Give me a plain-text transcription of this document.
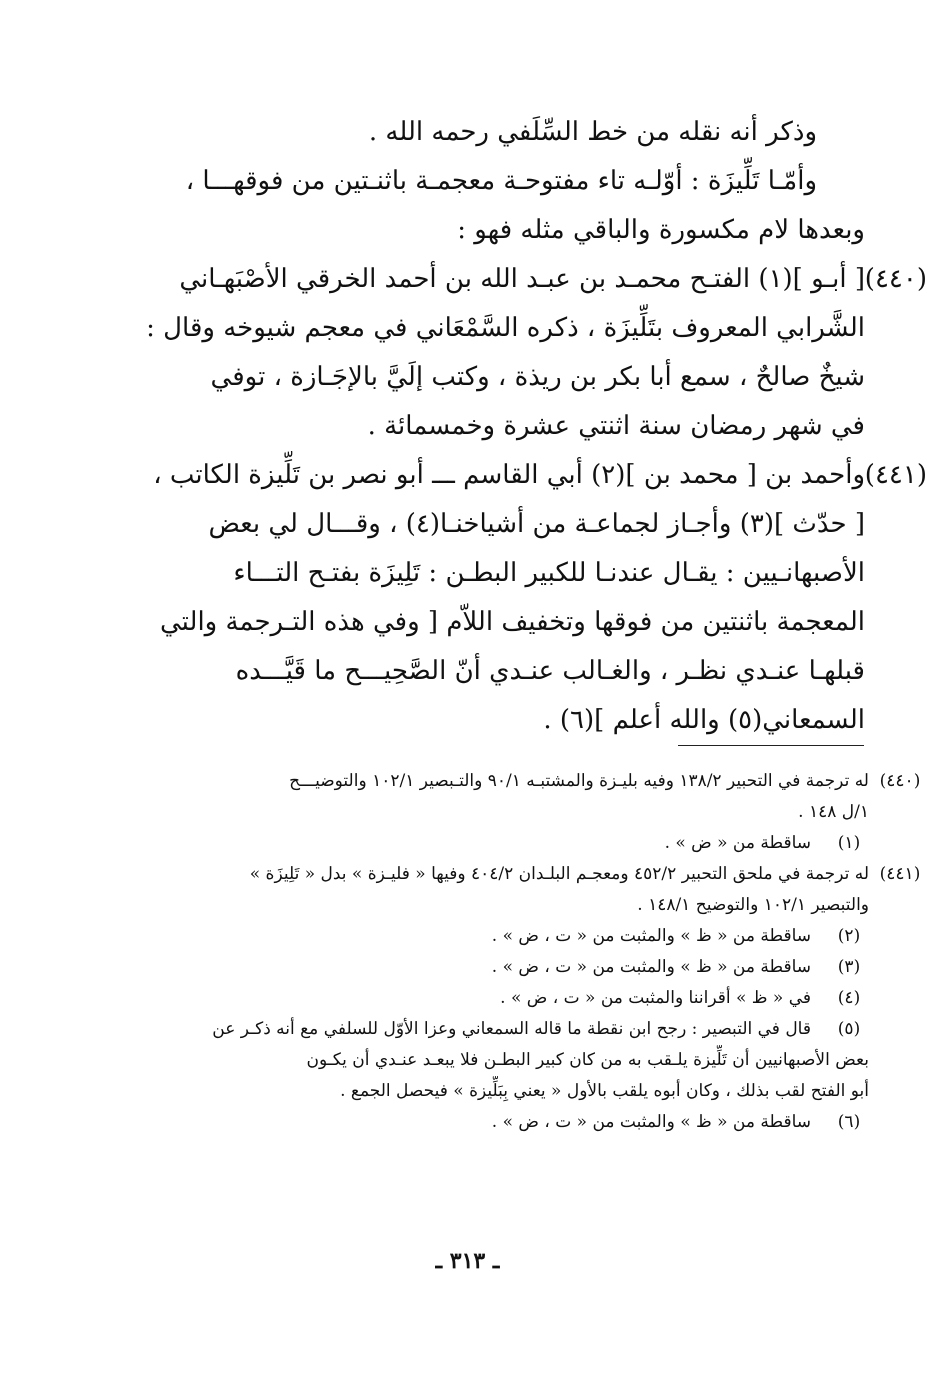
وذكر أنه نقله من خط السِّلَفي رحمه الله .
وأمّـا تَلِّيزَة : أوّلـه تاء مفتوحـة معجمـة باثنـتين من فوقهـــا ،
وبعدها لام مكسورة والباقي مثله فهو :
(٤٤٠)
[ أبـو ](١) الفتـح محمـد بن عبـد الله بن أحمد الخرقي الأصْبَهـاني
الشَّرابي المعروف بتَلِّيزَة ، ذكره السَّمْعَاني في معجم شيوخه وقال :
شيخٌ صالحٌ ، سمع أبا بكر بن ريذة ، وكتب إلَيَّ بالإجَـازة ، توفي
في شهر رمضان سنة اثنتي عشرة وخمسمائة .
(٤٤١)
وأحمد بن [ محمد بن ](٢) أبي القاسم ـــ أبو نصر بن تَلِّيزة الكاتب ،
[ حدّث ](٣) وأجـاز لجماعـة من أشياخنـا(٤) ، وقـــال لي بعض
الأصبهانـيين : يقـال عندنـا للكبير البطـن : تَلِيزَة بفتـح التـــاء
المعجمة باثنتين من فوقها وتخفيف اللاّم [ وفي هذه التـرجمة والتي
قبلهـا عنـدي نظـر ، والغـالب عنـدي أنّ الصَّحِيـــح ما قَيَّـــده
السمعاني(٥) والله أعلم ](٦) .
(٤٤٠)
له ترجمة في التحبير ١٣٨/٢ وفيه بليـزة والمشتبـه ٩٠/١ والتـبصير ١٠٢/١ والتوضيـــح
١/ل ١٤٨ .
(١)
ساقطة من « ض » .
(٤٤١)
له ترجمة في ملحق التحبير ٤٥٢/٢ ومعجـم البلـدان ٤٠٤/٢ وفيها « فليـزة » بدل « تَلِيزَة »
والتبصير ١٠٢/١ والتوضيح ١٤٨/١ .
(٢)
ساقطة من « ظ » والمثبت من « ت ، ض » .
(٣)
ساقطة من « ظ » والمثبت من « ت ، ض » .
(٤)
في « ظ » أقراننا والمثبت من « ت ، ض » .
(٥)
قال في التبصير : رجح ابن نقطة ما قاله السمعاني وعزا الأوّل للسلفي مع أنه ذكـر عن
بعض الأصبهانيين أن تَلِّيزة يلـقب به من كان كبير البطـن فلا يبعـد عنـدي أن يكـون
أبو الفتح لقب بذلك ، وكان أبوه يلقب بالأول « يعني بِبَلِّيزة » فيحصل الجمع .
(٦)
ساقطة من « ظ » والمثبت من « ت ، ض » .
ـ ٣١٣ ـ
